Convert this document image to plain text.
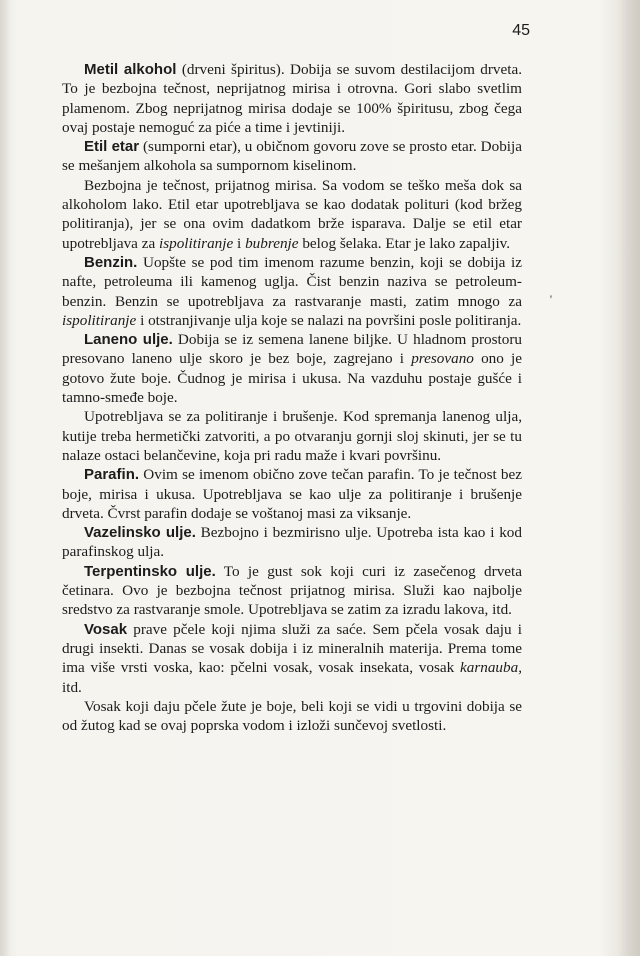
45
'

Metil alkohol (drveni špiritus). Dobija se suvom destilacijom drveta. To je bezbojna tečnost, neprijatnog mirisa i otrovna. Gori slabo svetlim plamenom. Zbog neprijatnog mirisa dodaje se 100% špiritusu, zbog čega ovaj postaje nemoguć za piće a time i jevtiniji.

Etil etar (sumporni etar), u običnom govoru zove se prosto etar. Dobija se mešanjem alkohola sa sumpornom kiselinom.

Bezbojna je tečnost, prijatnog mirisa. Sa vodom se teško meša dok sa alkoholom lako. Etil etar upotrebljava se kao dodatak polituri (kod bržeg politiranja), jer se ona ovim dadatkom brže isparava. Dalje se etil etar upotrebljava za ispolitiranje i bubrenje belog šelaka. Etar je lako zapaljiv.

Benzin. Uopšte se pod tim imenom razume benzin, koji se dobija iz nafte, petroleuma ili kamenog uglja. Čist benzin naziva se petroleum-benzin. Benzin se upotrebljava za rastvaranje masti, zatim mnogo za ispolitiranje i otstranjivanje ulja koje se nalazi na površini posle politiranja.

Laneno ulje. Dobija se iz semena lanene biljke. U hladnom prostoru presovano laneno ulje skoro je bez boje, zagrejano i presovano ono je gotovo žute boje. Čudnog je mirisa i ukusa. Na vazduhu postaje gušće i tamno-smeđe boje.

Upotrebljava se za politiranje i brušenje. Kod spremanja lanenog ulja, kutije treba hermetički zatvoriti, a po otvaranju gornji sloj skinuti, jer se tu nalaze ostaci belančevine, koja pri radu maže i kvari površinu.

Parafin. Ovim se imenom obično zove tečan parafin. To je tečnost bez boje, mirisa i ukusa. Upotrebljava se kao ulje za politiranje i brušenje drveta. Čvrst parafin dodaje se voštanoj masi za viksanje.

Vazelinsko ulje. Bezbojno i bezmirisno ulje. Upotreba ista kao i kod parafinskog ulja.

Terpentinsko ulje. To je gust sok koji curi iz zasečenog drveta četinara. Ovo je bezbojna tečnost prijatnog mirisa. Služi kao najbolje sredstvo za rastvaranje smole. Upotrebljava se zatim za izradu lakova, itd.

Vosak prave pčele koji njima služi za saće. Sem pčela vosak daju i drugi insekti. Danas se vosak dobija i iz mineralnih materija. Prema tome ima više vrsti voska, kao: pčelni vosak, vosak insekata, vosak karnauba, itd.

Vosak koji daju pčele žute je boje, beli koji se vidi u trgovini dobija se od žutog kad se ovaj poprska vodom i izloži sunčevoj svetlosti.
